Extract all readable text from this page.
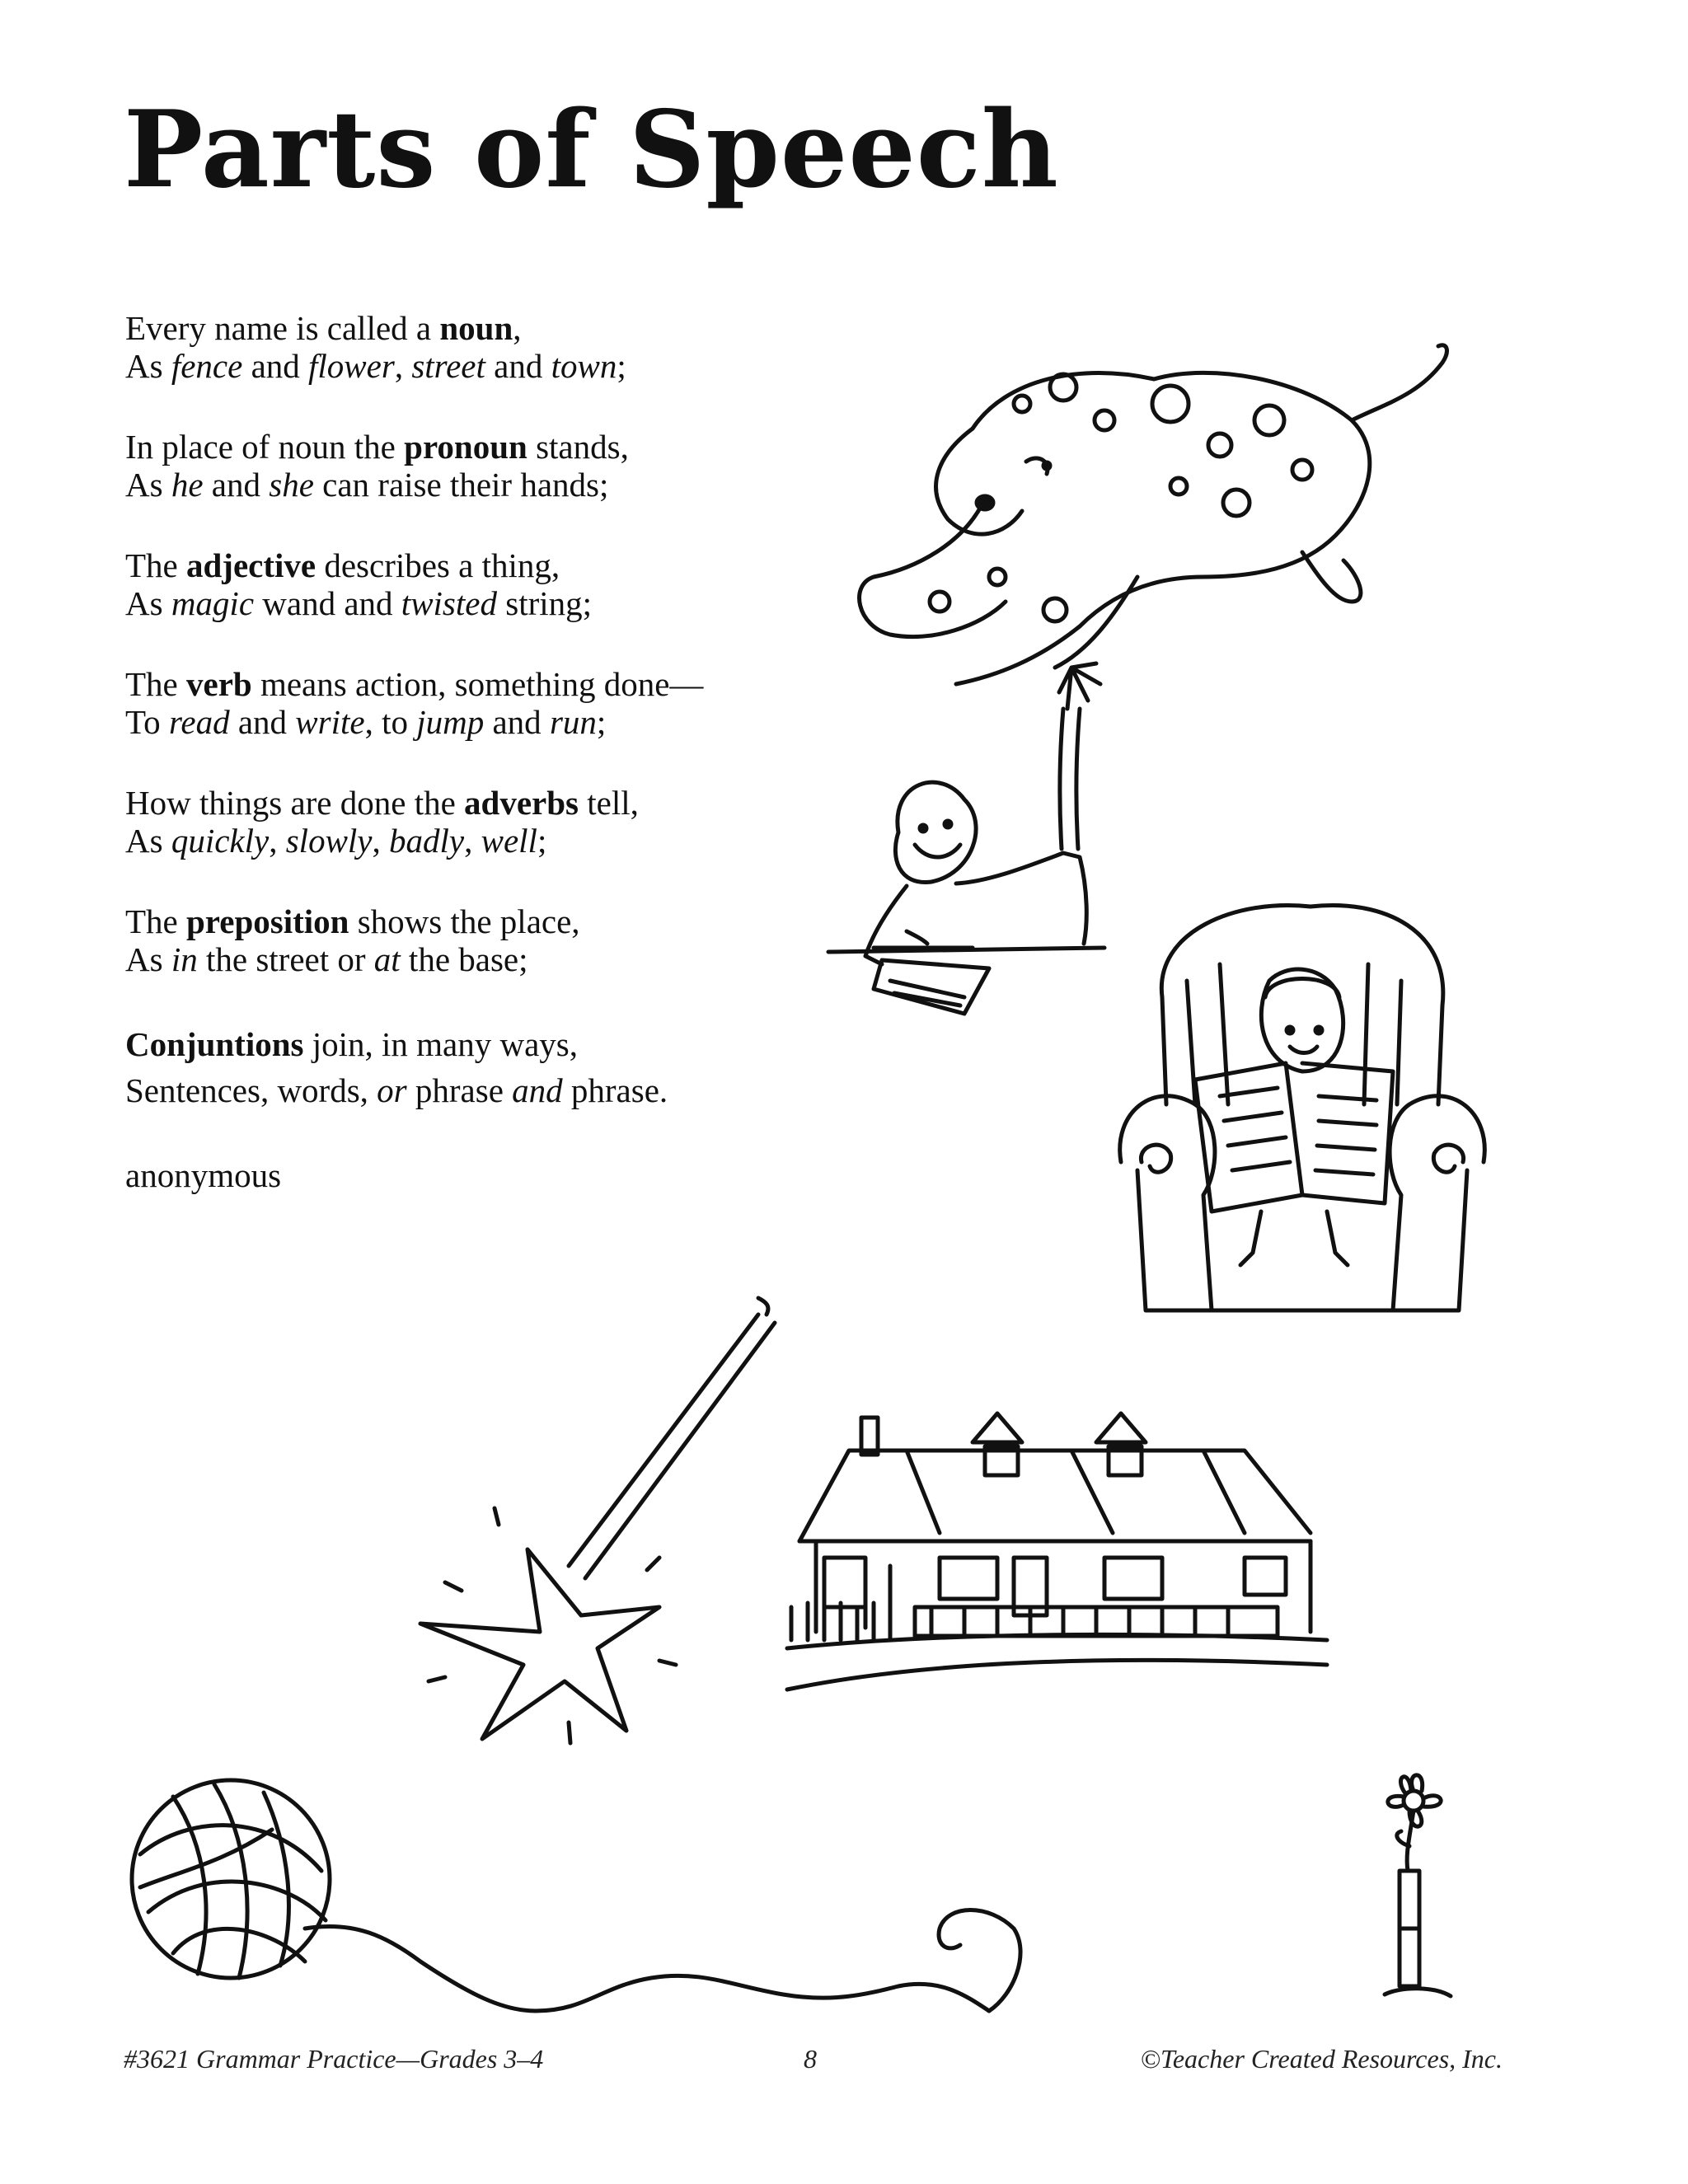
Parts of Speech
Every name is called a noun,
As fence and flower, street and town;
In place of noun the pronoun stands,
As he and she can raise their hands;
The adjective describes a thing,
As magic wand and twisted string;
The verb means action, something done—
To read and write, to jump and run;
How things are done the adverbs tell,
As quickly, slowly, badly, well;
The preposition shows the place,
As in the street or at the base;
Conjuntions join, in many ways,
Sentences, words, or phrase and phrase.
anonymous
#3621 Grammar Practice—Grades 3–4	8	©Teacher Created Resources, Inc.
